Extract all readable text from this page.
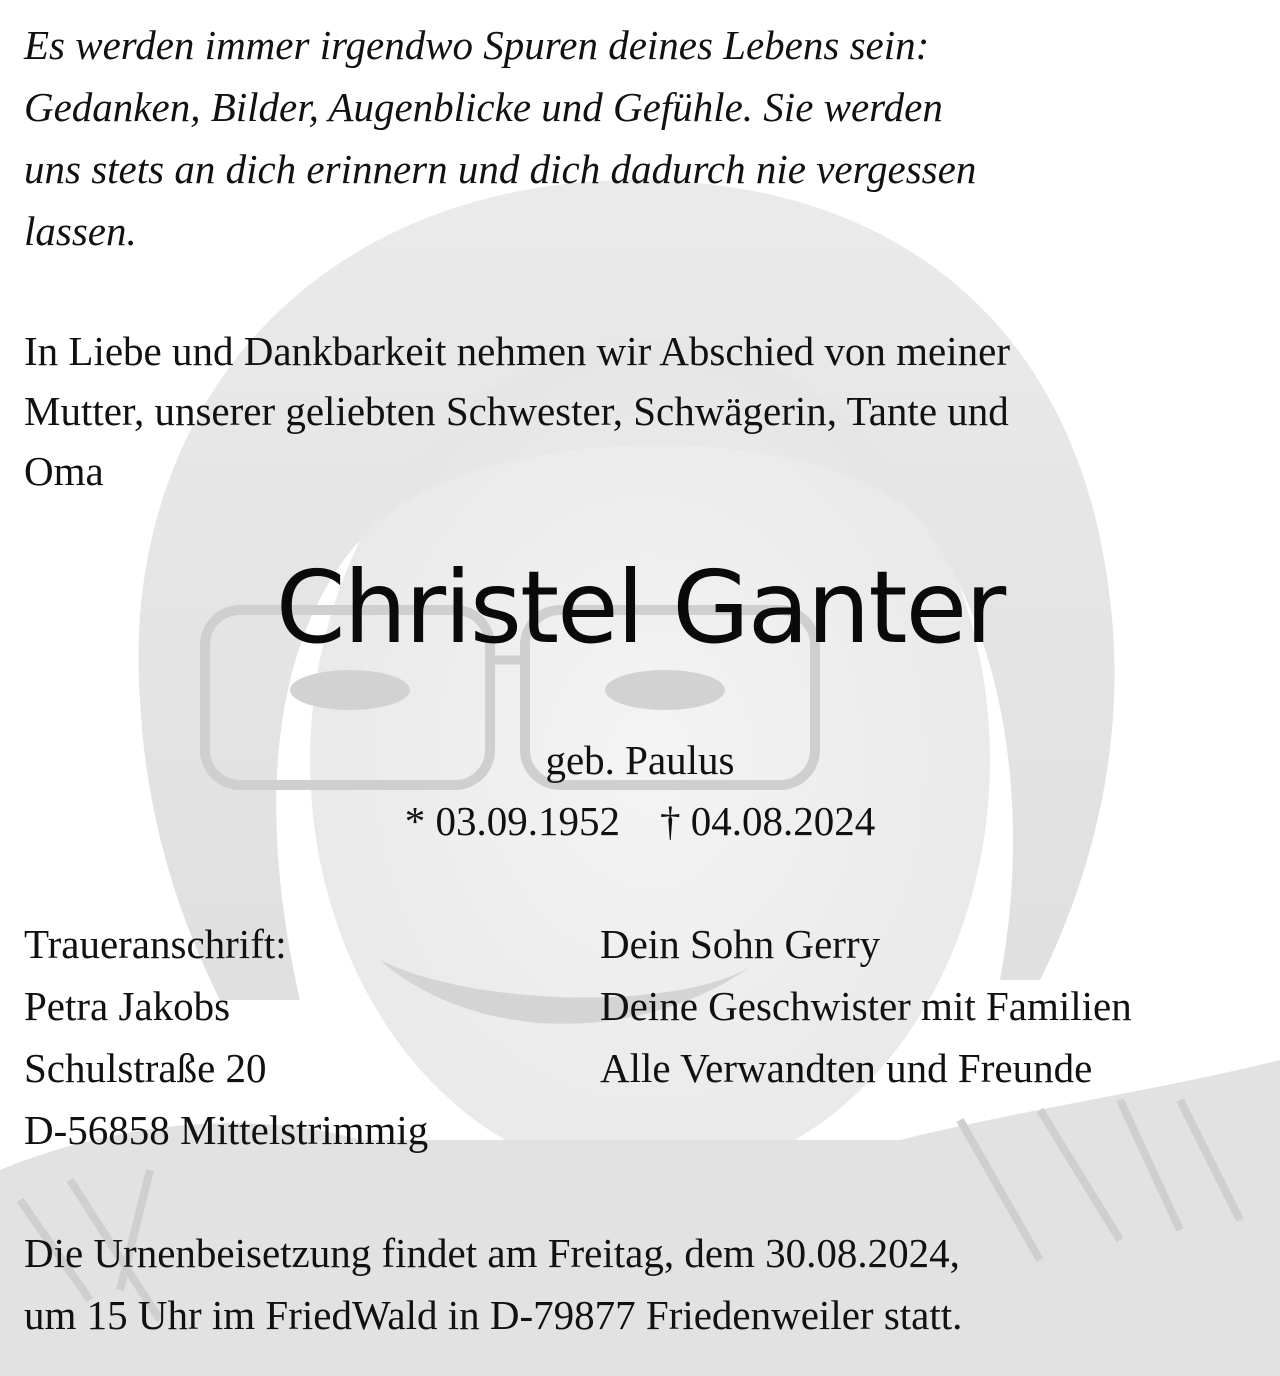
Es werden immer irgendwo Spuren deines Lebens sein:
Gedanken, Bilder, Augenblicke und Gefühle. Sie werden
uns stets an dich erinnern und dich dadurch nie vergessen
lassen.
In Liebe und Dankbarkeit nehmen wir Abschied von meiner
Mutter, unserer geliebten Schwester, Schwägerin, Tante und
Oma
Christel Ganter
geb. Paulus
* 03.09.1952 † 04.08.2024
Traueranschrift:
Petra Jakobs
Schulstraße 20
D-56858 Mittelstrimmig
Dein Sohn Gerry
Deine Geschwister mit Familien
Alle Verwandten und Freunde
Die Urnenbeisetzung findet am Freitag, dem 30.08.2024,
um 15 Uhr im FriedWald in D-79877 Friedenweiler statt.
